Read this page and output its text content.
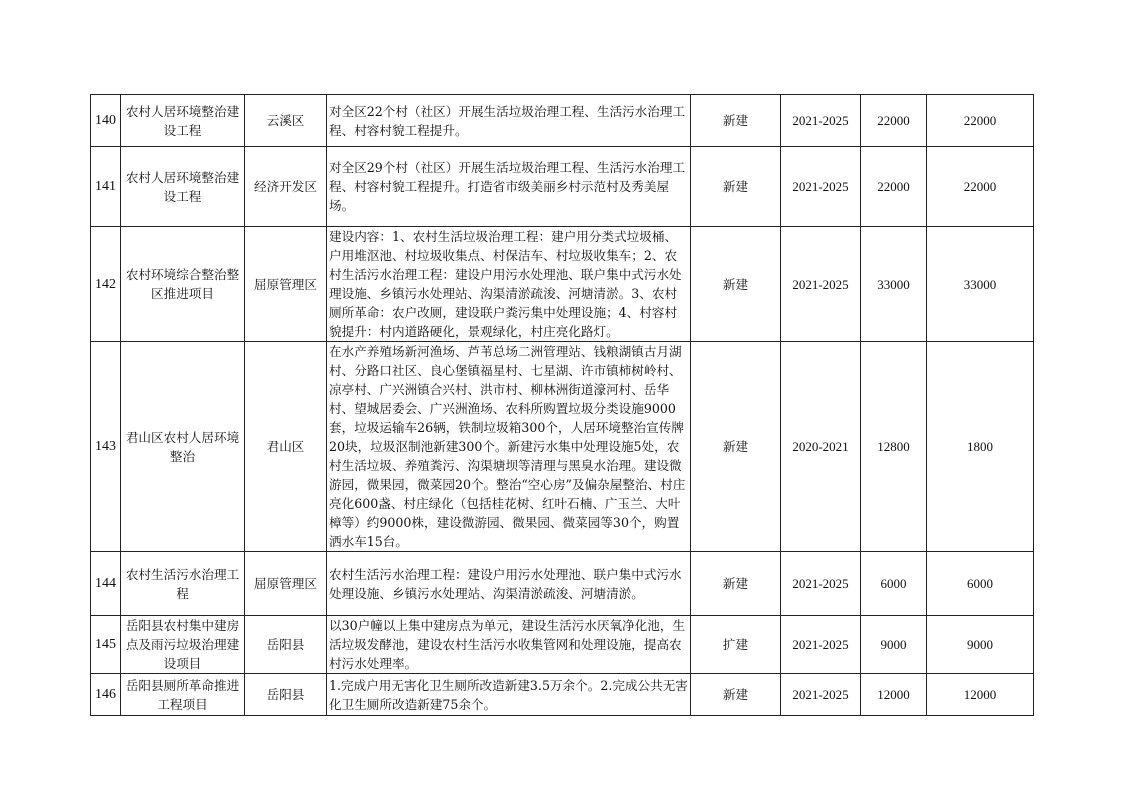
140	农村人居环境整治建设工程	云溪区	对全区22个村（社区）开展生活垃圾治理工程、生活污水治理工程、村容村貌工程提升。	新建	2021-2025	22000	22000
141	农村人居环境整治建设工程	经济开发区	对全区29个村（社区）开展生活垃圾治理工程、生活污水治理工程、村容村貌工程提升。打造省市级美丽乡村示范村及秀美屋场。	新建	2021-2025	22000	22000
142	农村环境综合整治整区推进项目	屈原管理区	建设内容：1、农村生活垃圾治理工程：建户用分类式垃圾桶、户用堆沤池、村垃圾收集点、村保洁车、村垃圾收集车；2、农村生活污水治理工程：建设户用污水处理池、联户集中式污水处理设施、乡镇污水处理站、沟渠清淤疏浚、河塘清淤。3、农村厕所革命：农户改厕，建设联户粪污集中处理设施；4、村容村貌提升：村内道路硬化，景观绿化，村庄亮化路灯。	新建	2021-2025	33000	33000
143	君山区农村人居环境整治	君山区	在水产养殖场新河渔场、芦苇总场二洲管理站、钱粮湖镇古月湖村、分路口社区、良心堡镇福星村、七星湖、许市镇柿树岭村、凉亭村、广兴洲镇合兴村、洪市村、柳林洲街道濠河村、岳华村、望城居委会、广兴洲渔场、农科所购置垃圾分类设施9000套，垃圾运输车26辆，铁制垃圾箱300个，人居环境整治宣传牌20块，垃圾沤制池新建300个。新建污水集中处理设施5处，农村生活垃圾、养殖粪污、沟渠塘坝等清理与黑臭水治理。建设微游园，微果园，微菜园20个。整治“空心房”及偏杂屋整治、村庄亮化600盏、村庄绿化（包括桂花树、红叶石楠、广玉兰、大叶樟等）约9000株，建设微游园、微果园、微菜园等30个，购置洒水车15台。	新建	2020-2021	12800	1800
144	农村生活污水治理工程	屈原管理区	农村生活污水治理工程：建设户用污水处理池、联户集中式污水处理设施、乡镇污水处理站、沟渠清淤疏浚、河塘清淤。	新建	2021-2025	6000	6000
145	岳阳县农村集中建房点及雨污垃圾治理建设项目	岳阳县	以30户幢以上集中建房点为单元，建设生活污水厌氧净化池，生活垃圾发酵池，建设农村生活污水收集管网和处理设施，提高农村污水处理率。	扩建	2021-2025	9000	9000
146	岳阳县厕所革命推进工程项目	岳阳县	1.完成户用无害化卫生厕所改造新建3.5万余个。2.完成公共无害化卫生厕所改造新建75余个。	新建	2021-2025	12000	12000
